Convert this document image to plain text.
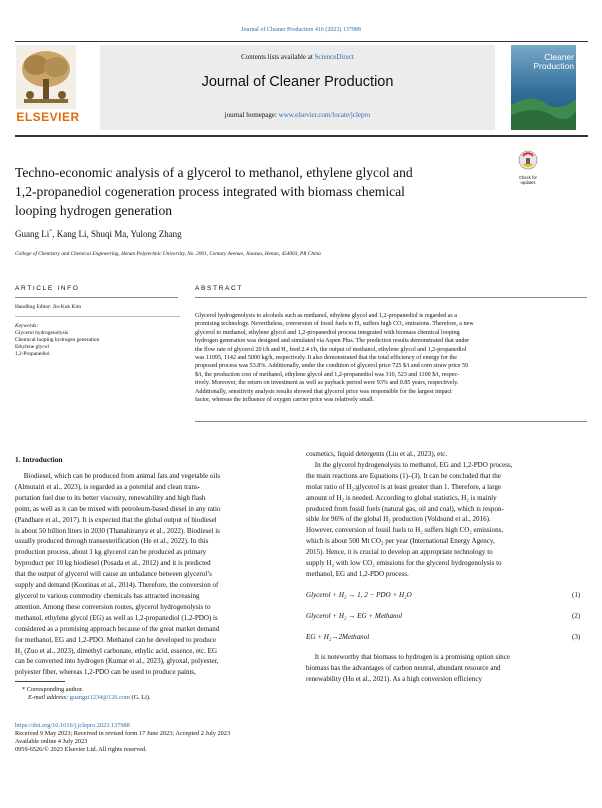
Journal of Cleaner Production 416 (2023) 137988
ELSEVIER
Contents lists available at ScienceDirect
Journal of Cleaner Production
journal homepage: www.elsevier.com/locate/jclepro
Cleaner
Production
Techno-economic analysis of a glycerol to methanol, ethylene glycol and
1,2-propanediol cogeneration process integrated with biomass chemical
looping hydrogen generation
Check for
updates
Guang Li*, Kang Li, Shuqi Ma, Yulong Zhang
College of Chemistry and Chemical Engineering, Henan Polytechnic University, No. 2001, Century Avenue, Jiaozuo, Henan, 454003, PR China
ARTICLE INFO	ABSTRACT
Handling Editor: Jin-Kuk Kim
Keywords:
Glycerol hydrogenolysis
Chemical looping hydrogen generation
Ethylene glycol
1,2-Propanediol
Glycerol hydrogenolysis to alcohols such as methanol, ethylene glycol and 1,2-propanediol is regarded as a
promising technology. Nevertheless, conversion of fossil fuels to H₂ suffers high CO₂ emissions. Therefore, a new
glycerol to methanol, ethylene glycol and 1,2-propanediol process integrated with biomass chemical looping
hydrogen generation was designed and simulated via Aspen Plus. The prediction results demonstrated that under
the flow rate of glycerol 20 t/h and H₂ feed 2.4 t/h, the output of methanol, ethylene glycol and 1,2-propanediol
was 11095, 1142 and 5000 kg/h, respectively. It also demonstrated that the total efficiency of energy for the
proposed process was 53.8%. Additionally, under the condition of glycerol price 725 $/t and corn straw price 59
$/t, the production cost of methanol, ethylene glycol and 1,2-propanediol was 310, 523 and 1100 $/t, respec-
tively. Moreover, the return on investment as well as payback period were 93% and 0.85 years, respectively.
Additionally, sensitivity analysis results showed that glycerol price was responsible for the largest impact
factor, whereas the influence of oxygen carrier price was relatively small.
1. Introduction
Biodiesel, which can be produced from animal fats and vegetable oils
(Almutairi et al., 2023), is regarded as a potential and clean trans-
portation fuel due to its better viscosity, renewability and high flash
point, as well as it can be mixed with petroleum-based diesel in any ratio
(Pandhare et al., 2017). It is expected that the global output of biodiesel
is about 50 billion liters in 2030 (Thanahiranya et al., 2022). Biodiesel is
usually produced through transesterification (He et al., 2022). In this
production process, about 1 kg glycerol can be produced as primary
byproduct per 10 kg biodiesel (Posada et al., 2012) and it is predicted
that the output of glycerol will cause an unbalance between glycerol’s
supply and demand (Koutinas et al., 2014). Therefore, the conversion of
glycerol to various commodity chemicals has attracted increasing
attention. Among these conversion routes, glycerol hydrogenolysis to
methanol, ethylene glycol (EG) as well as 1,2-propanediol (1,2-PDO) is
considered as a promising approach because of the great market demand
for methanol, EG and 1,2-PDO. Methanol can be developed to produce
H₂ (Zuo et al., 2023), dimethyl carbonate, ethylic acid, essence, etc. EG
can be converted into hydrogen (Kumar et al., 2023), glyoxal, polyester,
polyester fiber, whereas 1,2-PDO can be used to produce paints,
cosmetics, liquid detergents (Liu et al., 2023), etc.
In the glycerol hydrogenolysis to methanol, EG and 1,2-PDO process,
the main reactions are Equations (1)–(3). It can be concluded that the
molar ratio of H₂:glycerol is at least greater than 1. Therefore, a large
amount of H₂ is needed. According to global statistics, H₂ is mainly
produced from fossil fuels (natural gas, oil and coal), which is respon-
sible for 96% of the global H₂ production (Voldsund et al., 2016).
However, conversion of fossil fuels to H₂ suffers high CO₂ emissions,
which is about 500 Mt CO₂ per year (International Energy Agency,
2015). Hence, it is crucial to develop an appropriate technology to
supply H₂ with low CO₂ emissions for the glycerol hydrogenolysis to
methanol, EG and 1,2-PDO process.
Glycerol + H₂ → 1, 2 − PDO + H₂O	(1)
Glycerol + H₂ → EG + Methanol	(2)
EG + H₂→2Methanol	(3)
It is noteworthy that biomass to hydrogen is a promising option since
biomass has the advantages of carbon neutral, abundant resource and
renewability (Hu et al., 2021). As a high conversion efficiency
* Corresponding author.
E-mail address: guangzi1234@126.com (G. Li).
https://doi.org/10.1016/j.jclepro.2023.137988
Received 9 May 2023; Received in revised form 17 June 2023; Accepted 2 July 2023
Available online 4 July 2023
0959-6526/© 2023 Elsevier Ltd. All rights reserved.
